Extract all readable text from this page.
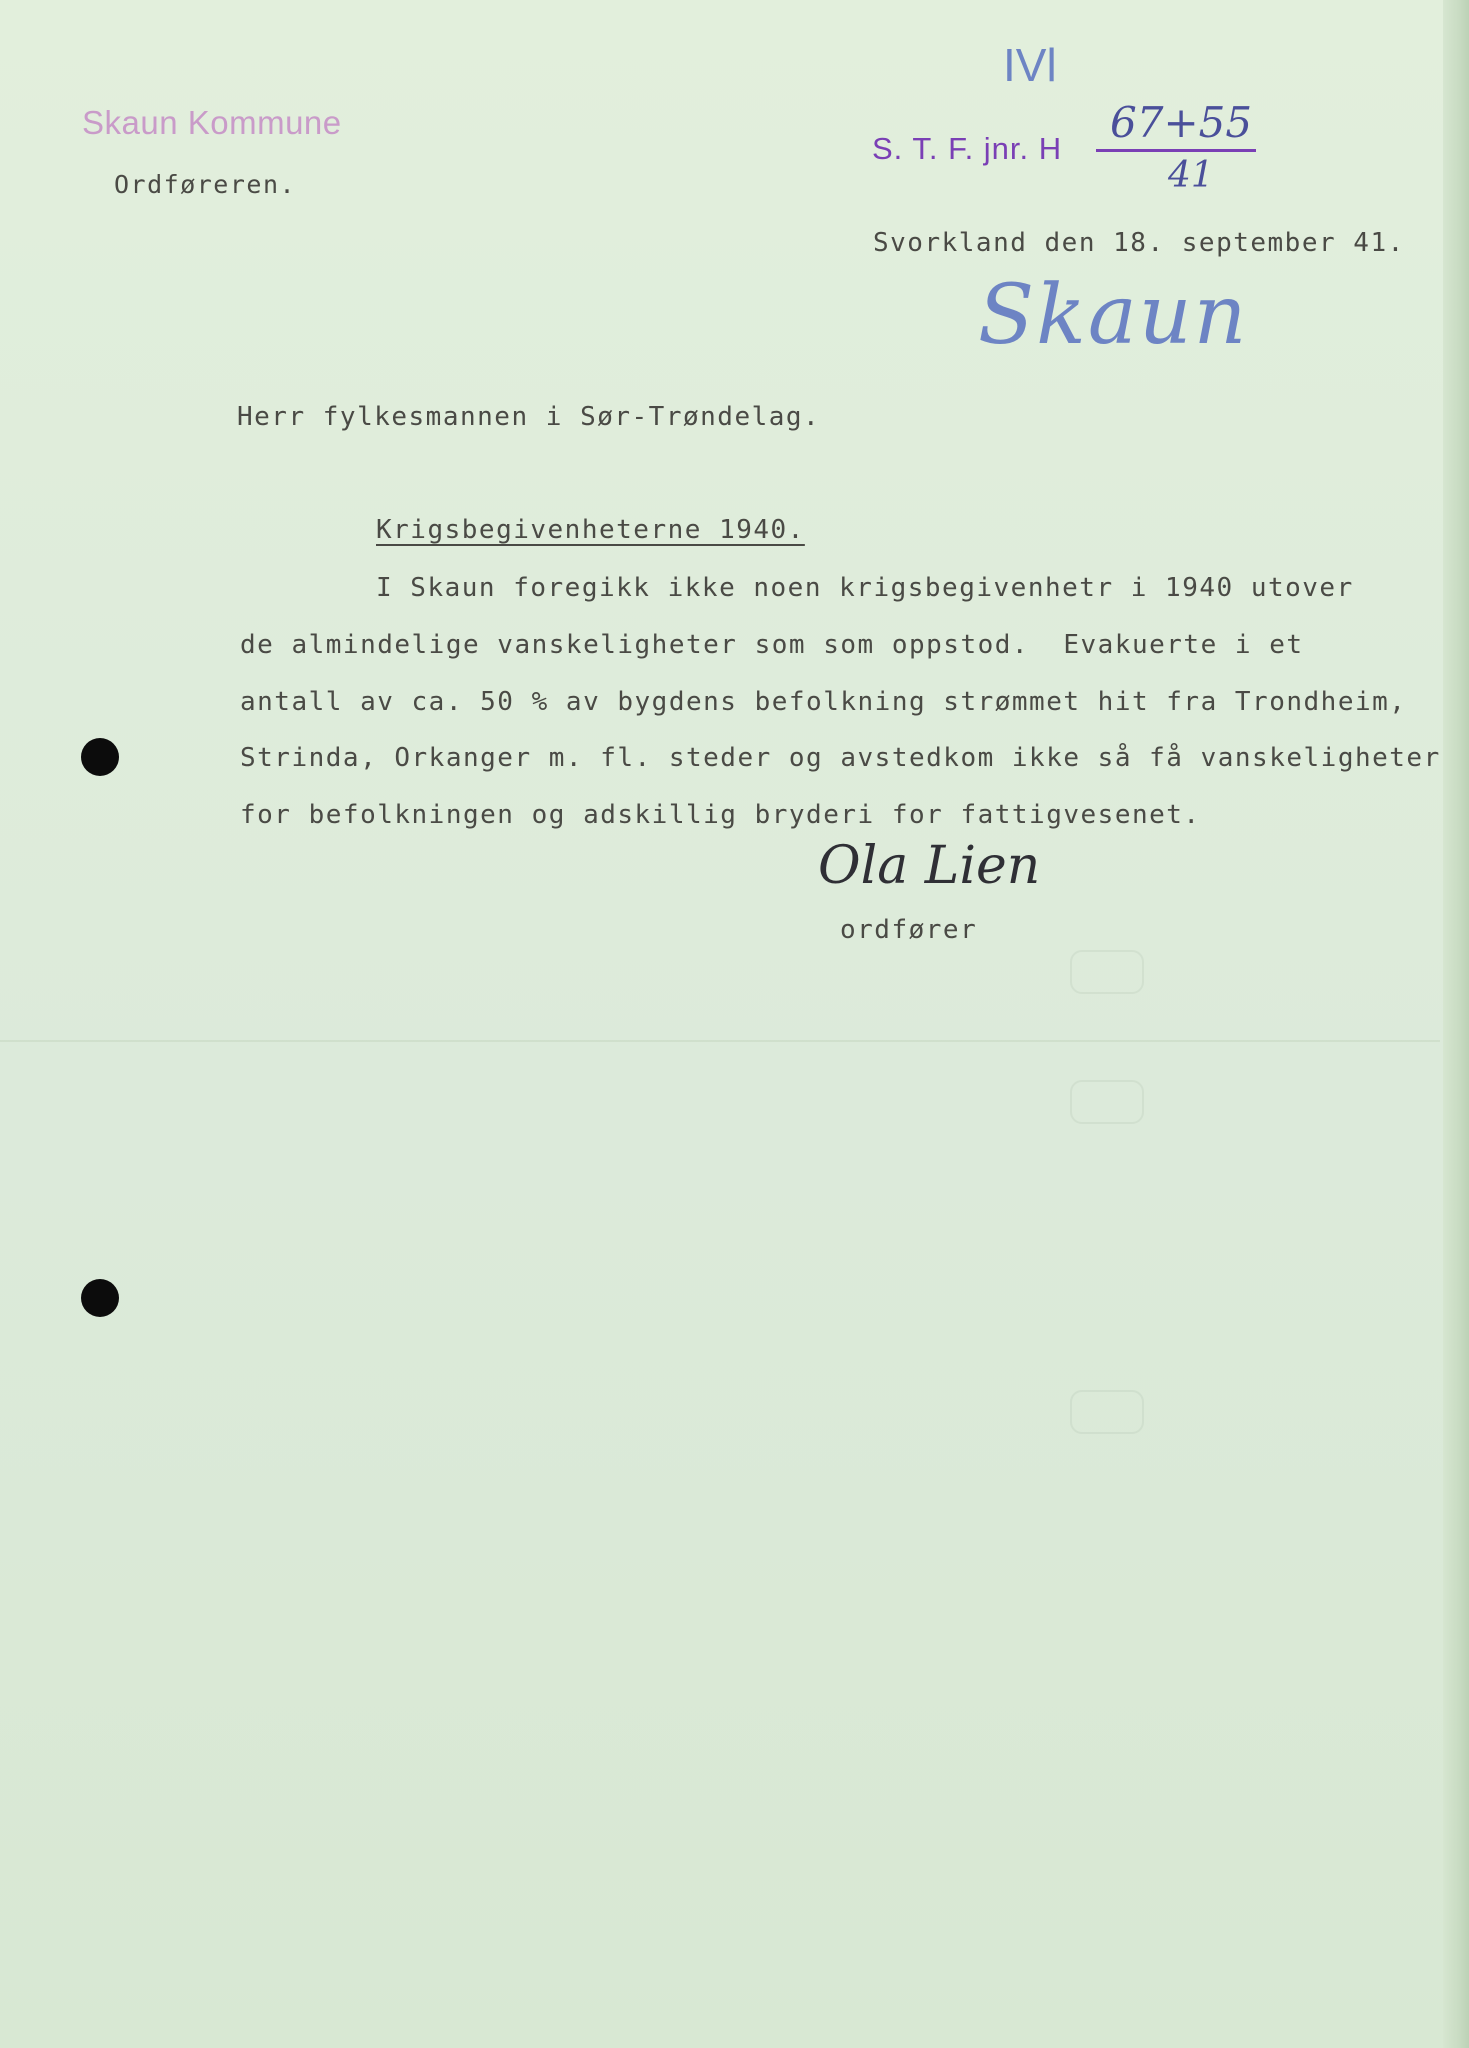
Skaun Kommune
Ordføreren.
IVl
S. T. F. jnr. H
67+55
41
Svorkland den 18. september 41.
Skaun
Herr fylkesmannen i Sør-Trøndelag.
Krigsbegivenheterne 1940.
I Skaun foregikk ikke noen krigsbegivenhetr i 1940 utover
de almindelige vanskeligheter som som oppstod.  Evakuerte i et
antall av ca. 50 % av bygdens befolkning strømmet hit fra Trondheim,
Strinda, Orkanger m. fl. steder og avstedkom ikke så få vanskeligheter
for befolkningen og adskillig bryderi for fattigvesenet.
Ola Lien
ordfører
